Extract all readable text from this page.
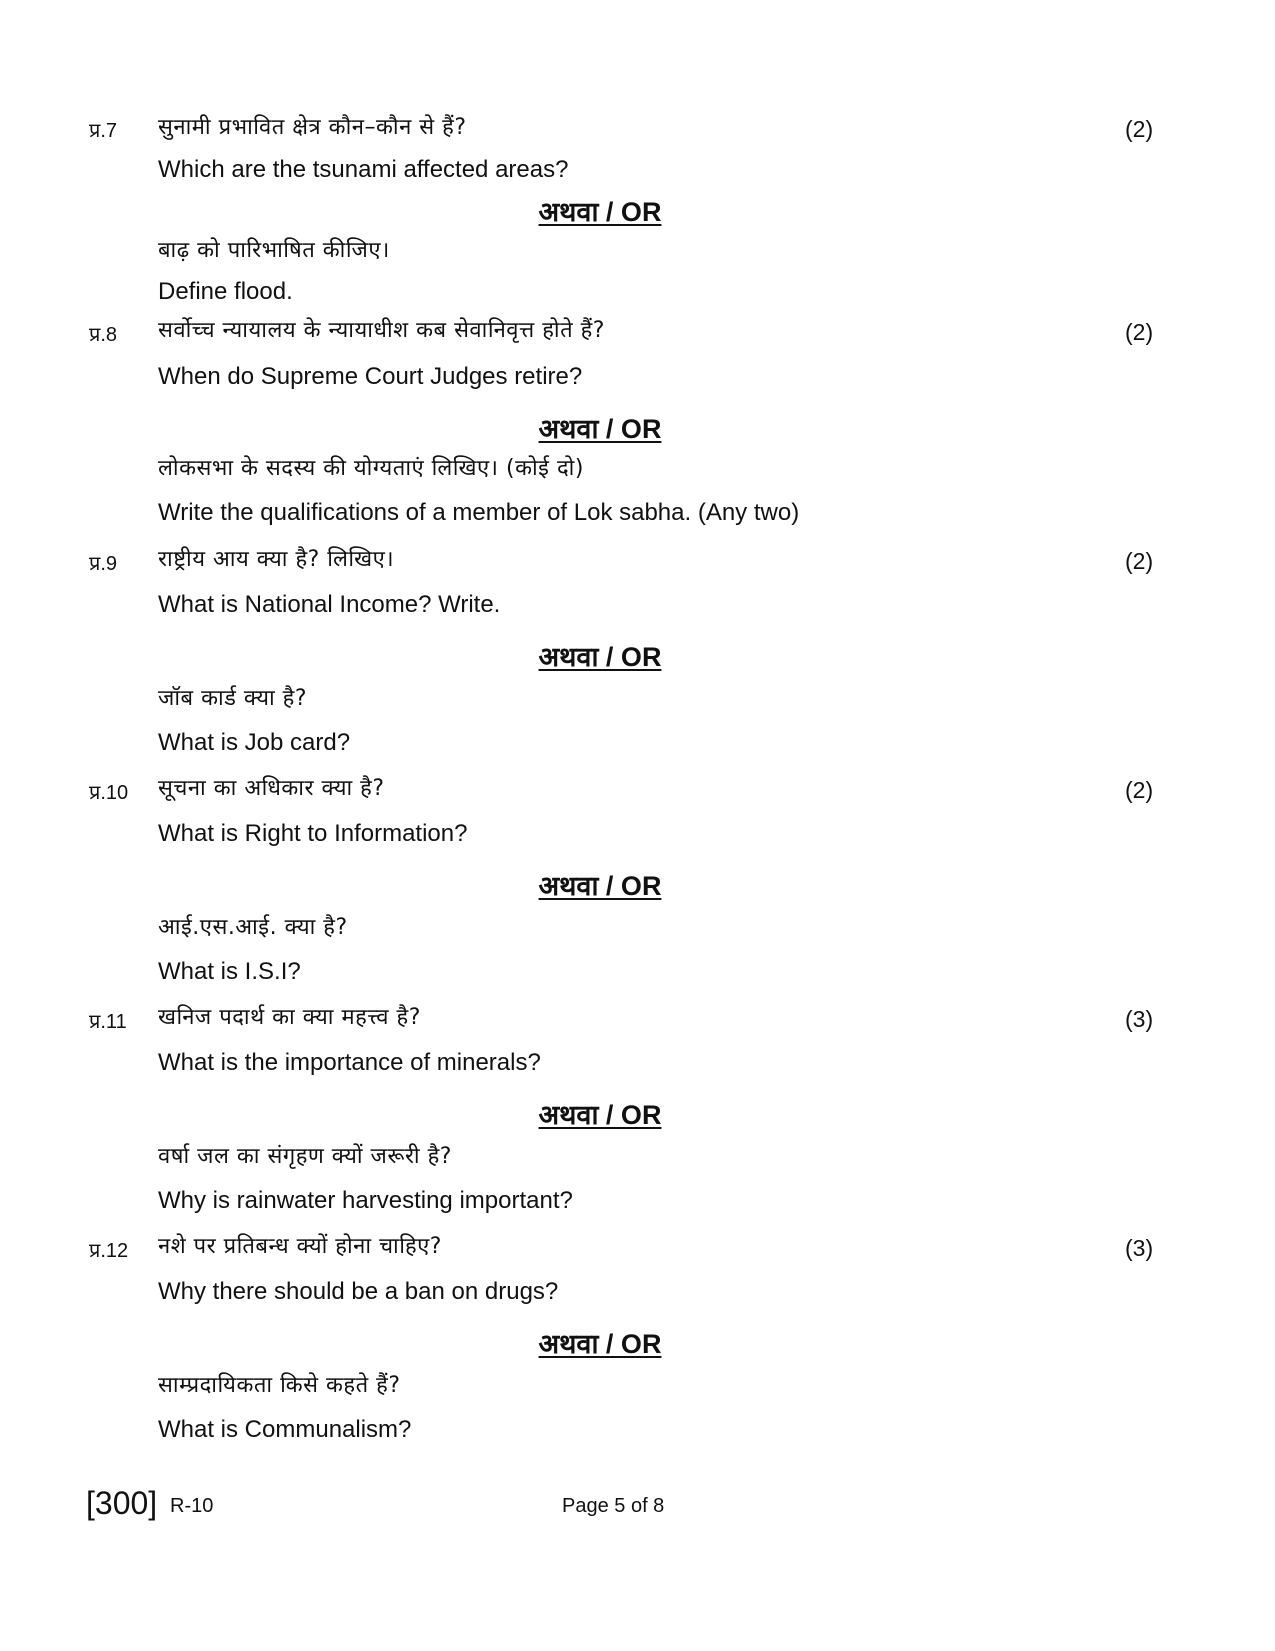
प्र.7 सुनामी प्रभावित क्षेत्र कौन–कौन से हैं?	(2)
Which are the tsunami affected areas?
अथवा / OR
बाढ़ को पारिभाषित कीजिए।
Define flood.
प्र.8 सर्वोच्च न्यायालय के न्यायाधीश कब सेवानिवृत्त होते हैं?	(2)
When do Supreme Court Judges retire?
अथवा / OR
लोकसभा के सदस्य की योग्यताएं लिखिए। (कोई दो)
Write the qualifications of a member of Lok sabha. (Any two)
प्र.9 राष्ट्रीय आय क्या है? लिखिए।	(2)
What is National Income? Write.
अथवा / OR
जॉब कार्ड क्या है?
What is Job card?
प्र.10 सूचना का अधिकार क्या है?	(2)
What is Right to Information?
अथवा / OR
आई.एस.आई. क्या है?
What is I.S.I?
प्र.11 खनिज पदार्थ का क्या महत्त्व है?	(3)
What is the importance of minerals?
अथवा / OR
वर्षा जल का संगृहण क्यों जरूरी है?
Why is rainwater harvesting important?
प्र.12 नशे पर प्रतिबन्ध क्यों होना चाहिए?	(3)
Why there should be a ban on drugs?
अथवा / OR
साम्प्रदायिकता किसे कहते हैं?
What is Communalism?
[300] R-10	Page 5 of 8
